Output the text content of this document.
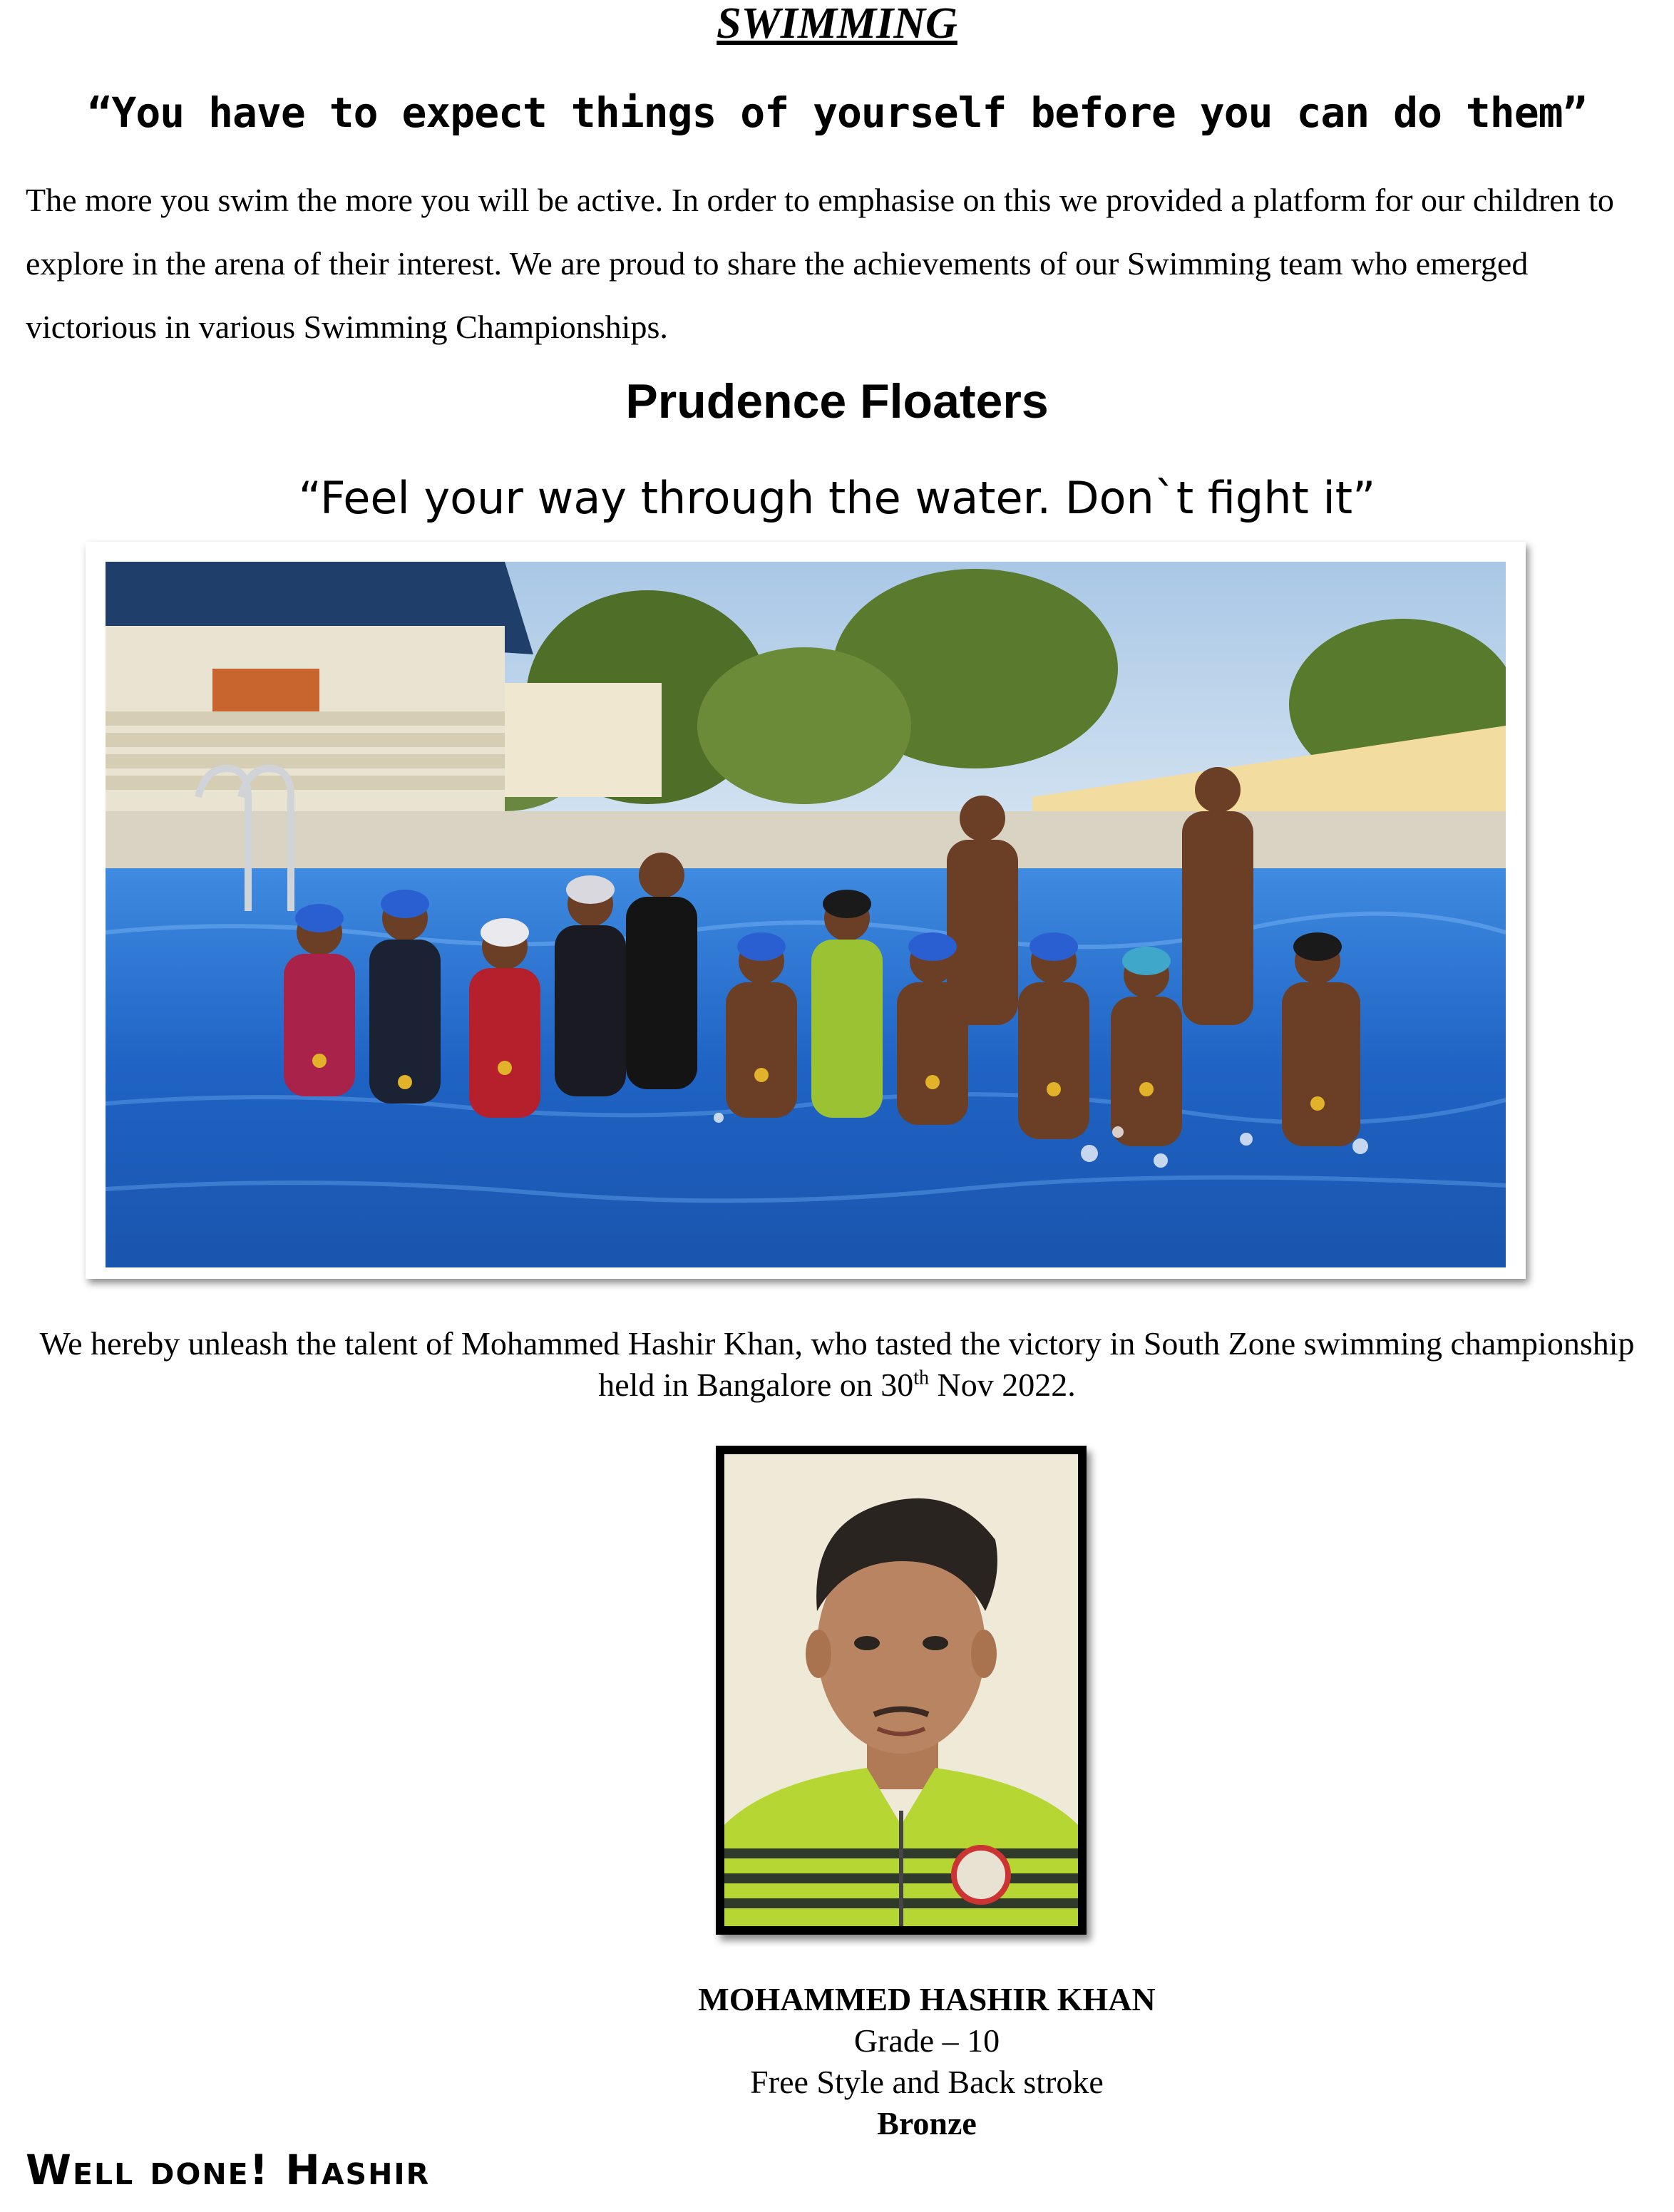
SWIMMING
“You have to expect things of yourself before you can do them”
The more you swim the more you will be active. In order to emphasise on this we provided a platform for our children to explore in the arena of their interest. We are proud to share the achievements of our Swimming team who emerged victorious in various Swimming Championships.
Prudence Floaters
“Feel your way through the water. Don`t fight it”
We hereby unleash the talent of Mohammed Hashir Khan, who tasted the victory in South Zone swimming championship held in Bangalore on 30th Nov 2022.
MOHAMMED HASHIR KHAN
Grade – 10
Free Style and Back stroke
Bronze
Well done! Hashir
